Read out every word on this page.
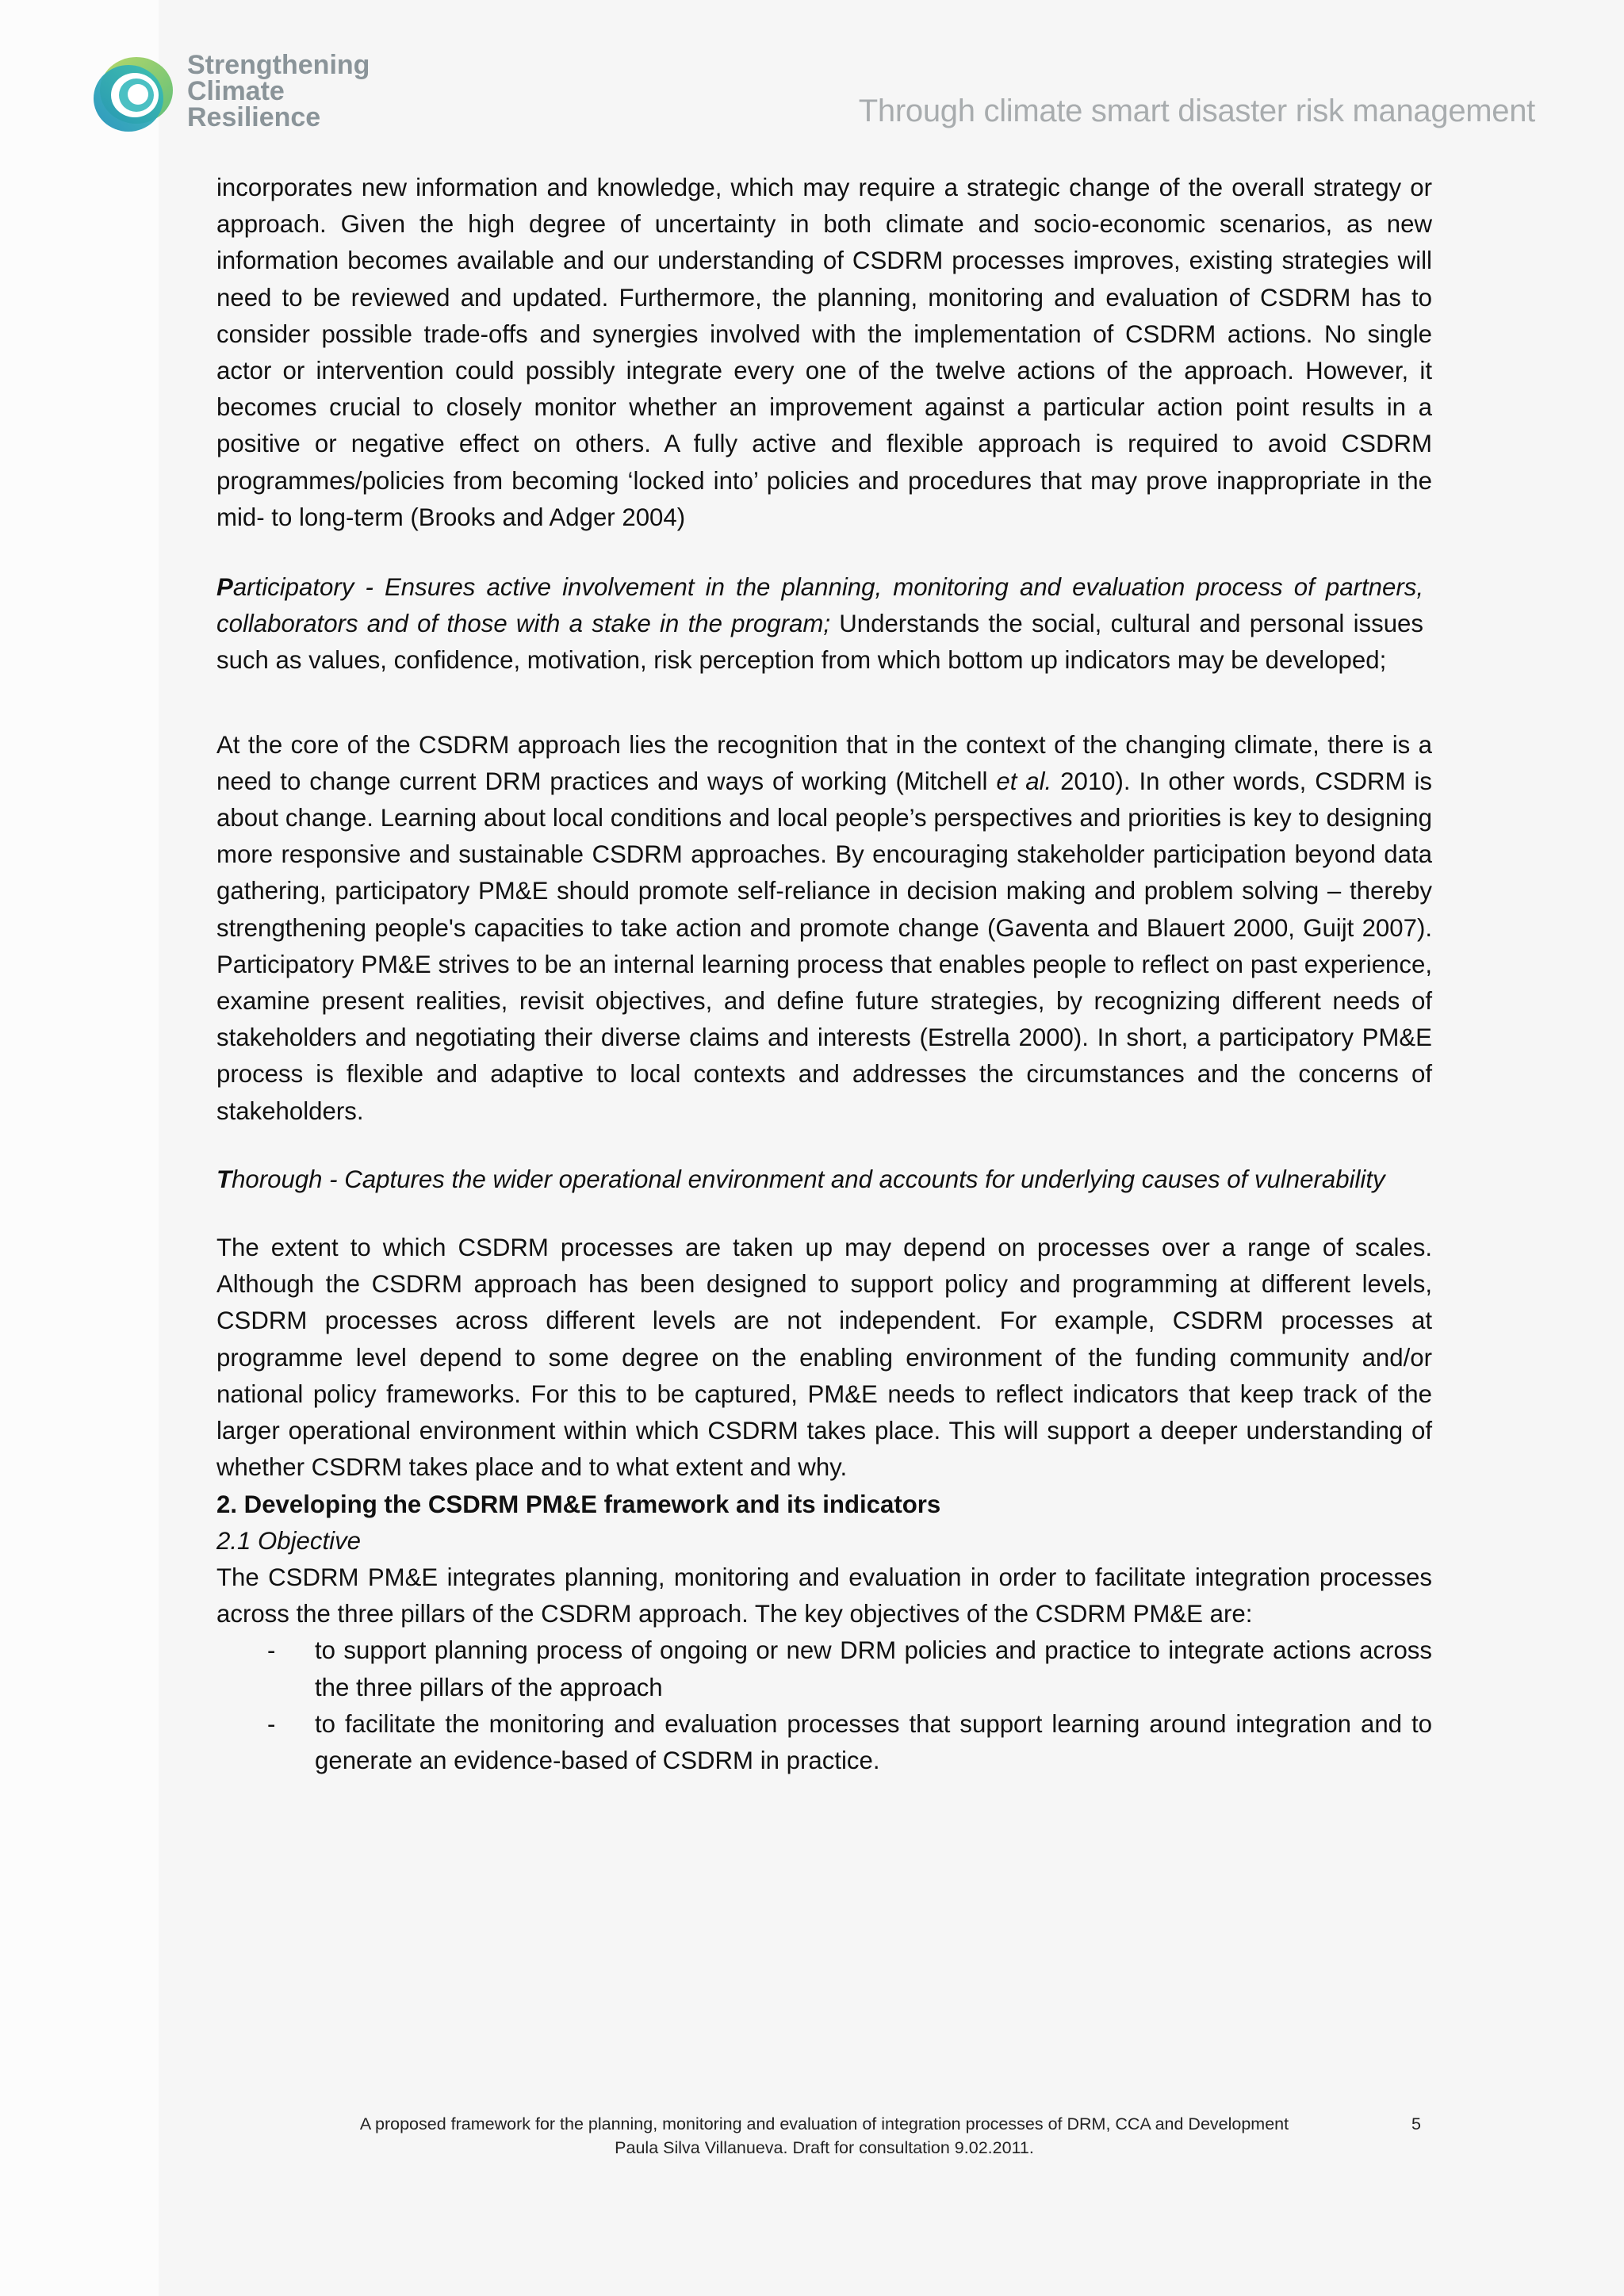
Strengthening
Climate
Resilience	Through climate smart disaster risk management

incorporates new information and knowledge, which may require a strategic change of the overall strategy or approach. Given the high degree of uncertainty in both climate and socio-economic scenarios, as new information becomes available and our understanding of CSDRM processes improves, existing strategies will need to be reviewed and updated. Furthermore, the planning, monitoring and evaluation of CSDRM has to consider possible trade-offs and synergies involved with the implementation of CSDRM actions. No single actor or intervention could possibly integrate every one of the twelve actions of the approach. However, it becomes crucial to closely monitor whether an improvement against a particular action point results in a positive or negative effect on others. A fully active and flexible approach is required to avoid CSDRM programmes/policies from becoming ‘locked into’ policies and procedures that may prove inappropriate in the mid- to long-term (Brooks and Adger 2004)

Participatory - Ensures active involvement in the planning, monitoring and evaluation process of partners, collaborators and of those with a stake in the program; Understands the social, cultural and personal issues such as values, confidence, motivation, risk perception from which bottom up indicators may be developed;

At the core of the CSDRM approach lies the recognition that in the context of the changing climate, there is a need to change current DRM practices and ways of working (Mitchell et al. 2010). In other words, CSDRM is about change. Learning about local conditions and local people’s perspectives and priorities is key to designing more responsive and sustainable CSDRM approaches. By encouraging stakeholder participation beyond data gathering, participatory PM&E should promote self-reliance in decision making and problem solving – thereby strengthening people's capacities to take action and promote change (Gaventa and Blauert 2000, Guijt 2007). Participatory PM&E strives to be an internal learning process that enables people to reflect on past experience, examine present realities, revisit objectives, and define future strategies, by recognizing different needs of stakeholders and negotiating their diverse claims and interests (Estrella 2000). In short, a participatory PM&E process is flexible and adaptive to local contexts and addresses the circumstances and the concerns of stakeholders.

Thorough - Captures the wider operational environment and accounts for underlying causes of vulnerability

The extent to which CSDRM processes are taken up may depend on processes over a range of scales. Although the CSDRM approach has been designed to support policy and programming at different levels, CSDRM processes across different levels are not independent. For example, CSDRM processes at programme level depend to some degree on the enabling environment of the funding community and/or national policy frameworks. For this to be captured, PM&E needs to reflect indicators that keep track of the larger operational environment within which CSDRM takes place. This will support a deeper understanding of whether CSDRM takes place and to what extent and why.

2. Developing the CSDRM PM&E framework and its indicators

2.1 Objective

The CSDRM PM&E integrates planning, monitoring and evaluation in order to facilitate integration processes across the three pillars of the CSDRM approach. The key objectives of the CSDRM PM&E are:

- to support planning process of ongoing or new DRM policies and practice to integrate actions across the three pillars of the approach
- to facilitate the monitoring and evaluation processes that support learning around integration and to generate an evidence-based of CSDRM in practice.
A proposed framework for the planning, monitoring and evaluation of integration processes of DRM, CCA and Development
Paula Silva Villanueva. Draft for consultation 9.02.2011.
5
